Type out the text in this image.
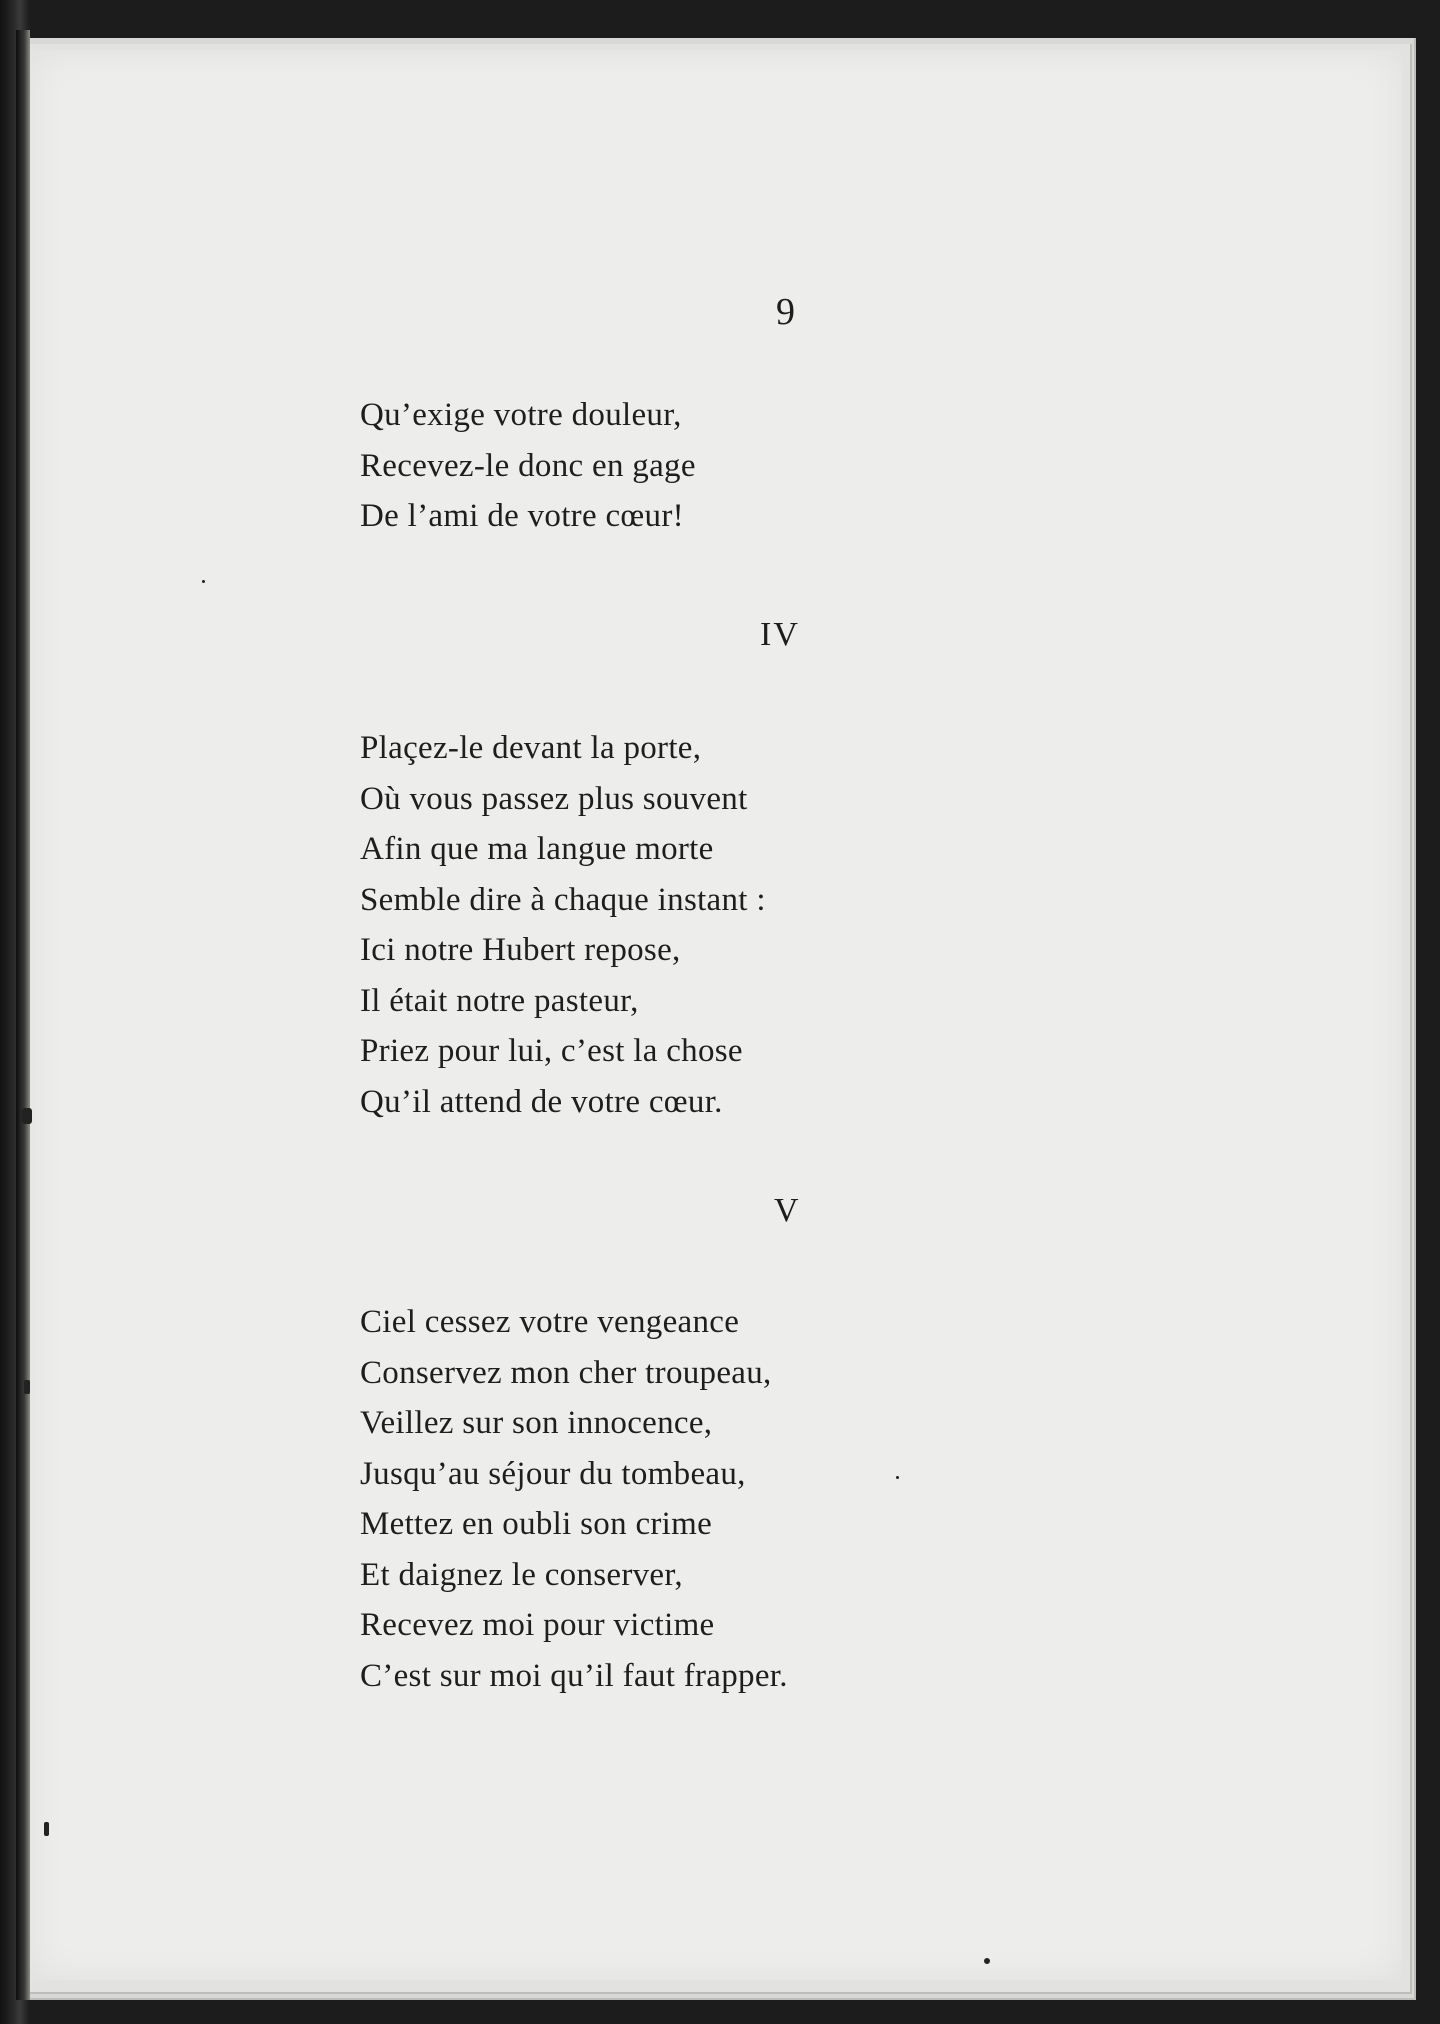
9
Qu’exige votre douleur,
Recevez-le donc en gage
De l’ami de votre cœur!
IV
Plaçez-le devant la porte,
Où vous passez plus souvent
Afin que ma langue morte
Semble dire à chaque instant :
Ici notre Hubert repose,
Il était notre pasteur,
Priez pour lui, c’est la chose
Qu’il attend de votre cœur.
V
Ciel cessez votre vengeance
Conservez mon cher troupeau,
Veillez sur son innocence,
Jusqu’au séjour du tombeau,
Mettez en oubli son crime
Et daignez le conserver,
Recevez moi pour victime
C’est sur moi qu’il faut frapper.
